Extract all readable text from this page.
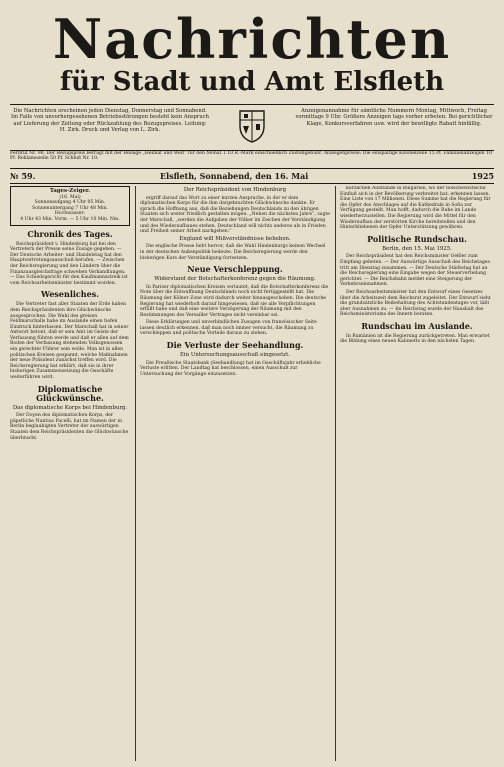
Nachrichten
für Stadt und Amt Elsfleth
Die Nachrichten erscheinen jeden Dienstag, Donnerstag und Sonnabend. Im Falle von unvorhergesehenen Betriebsstörungen besteht kein Anspruch auf Lieferung der Zeitung oder Rückzahlung des Bezugspreises. Leitung: H. Zirk. Druck und Verlag von L. Zirk.
Anzeigenannahme für sämtliche Nummern Montag, Mittwoch, Freitag vormittags 9 Uhr. Größere Anzeigen tags vorher erbeten. Bei gerichtlicher Klage, Konkursverfahren usw. wird der bewilligte Rabatt hinfällig.
Fernruf Nr. 90. Der Bezugspreis beträgt mit der Beilage „Heimat und Welt“ für den Monat 1.10 R.-Mark einschließlich Zustellgebühr. Anzeigenpreise: Die einspaltige Kolonelzeile 15 Pf. Familienanzeigen 10 Pf. Reklamezeile 50 Pf. Schluß Nr. 10.
№ 59.	Elsfleth, Sonnabend, den 16. Mai	1925
Tages-Zeiger.
(16. Mai)
Sonnenaufgang 4 Uhr 05 Min.
Sonnenuntergang 7 Uhr 48 Min.
Hochwasser:
4 Uhr 43 Min. Vorm. — 5 Uhr 10 Min. Nm.
Chronik des Tages.

Reichspräsident v. Hindenburg hat bei den Vertretern der Presse seine Zusage gegeben. — Der Deutsche Arbeiter- und Handelstag hat den Hauptvertretungsausschuß berufen. — Zwischen der Reichsregierung und den Ländern über die Finanzausgleichsfrage schweben Verhandlungen. — Das Schiedsgericht für den Kaufmannsstreik ist vom Reichsarbeitsminister bestimmt worden.

Wesenliches.

Die Vertreter fast aller Staaten der Erde haben dem Reichspräsidenten ihre Glückwünsche ausgesprochen. Die Wahl des greisen Feldmarschalls habe im Auslande einen tiefen Eindruck hinterlassen. Der Marschall hat in seiner Antwort betont, daß er sein Amt im Geiste der Verfassung führen werde und daß er allen auf dem Boden der Verfassung stehenden Volksgenossen ein gerechter Führer sein wolle. Man ist in allen politischen Kreisen gespannt, welche Maßnahmen der neue Präsident zunächst treffen wird. Die Reichsregierung hat erklärt, daß sie in ihrer bisherigen Zusammensetzung die Geschäfte weiterführen wird.

Diplomatische Glückwünsche.
Das diplomatische Korps bei Hindenburg.

Der Doyen des diplomatischen Korps, der päpstliche Nuntius Pacelli, hat im Namen der in Berlin beglaubigten Vertreter der auswärtigen Staaten dem Reichspräsidenten die Glückwünsche überbracht.

Der Reichspräsident von Hindenburg

ergriff darauf das Wort zu einer kurzen Ansprache, in der er dem diplomatischen Korps für die ihm dargebrachten Glückwünsche dankte. Er sprach die Hoffnung aus, daß die Beziehungen Deutschlands zu den übrigen Staaten sich weiter friedlich gestalten mögen. „Neben die nächsten Jahre“, sagte der Marschall, „werden die Aufgaben der Völker im Zeichen der Verständigung und des Wiederaufbaues stehen. Deutschland will nichts anderes als in Frieden und Freiheit seiner Arbeit nachgehen.“

England will Mißverständnisse beheben.

Die englische Presse hebt hervor, daß die Wahl Hindenburgs keinen Wechsel in der deutschen Außenpolitik bedeute. Die Reichsregierung werde den bisherigen Kurs der Verständigung fortsetzen.

Neue Verschleppung.
Widerstand der Botschafterkonferenz gegen die Räumung.

In Pariser diplomatischen Kreisen verlautet, daß die Botschafterkonferenz die Note über die Entwaffnung Deutschlands noch nicht fertiggestellt hat. Die Räumung der Kölner Zone wird dadurch weiter hinausgeschoben. Die deutsche Regierung hat wiederholt darauf hingewiesen, daß sie alle Verpflichtungen erfüllt habe und daß eine weitere Verzögerung der Räumung mit den Bestimmungen des Versailler Vertrages nicht vereinbar sei.

Diese Erklärungen und unverbindlichen Zusagen von französischer Seite lassen deutlich erkennen, daß man noch immer versucht, die Räumung zu verschleppen und politische Vorteile daraus zu ziehen.

Die Verluste der Seehandlung.
Ein Untersuchungsausschuß eingesetzt.

Die Preußische Staatsbank (Seehandlung) hat im Geschäftsjahr erhebliche Verluste erlitten. Der Landtag hat beschlossen, einen Ausschuß zur Untersuchung der Vorgänge einzusetzen.

kürzlichen Aufstände in Bulgarien, wo der bolschewistische Einfluß sich in der Bevölkerung verbreitet hat, erkennen lassen. Eine Liste von 17 Millionen. Diese Summe hat die Regierung für die Opfer des Anschlages auf die Kathedrale in Sofia zur Verfügung gestellt. Man hofft, dadurch die Ruhe im Lande wiederherzustellen. Die Regierung wird die Mittel für den Wiederaufbau der zerstörten Kirche bereitstellen und den Hinterbliebenen der Opfer Unterstützung gewähren.

Politische Rundschau.
Berlin, den 15. Mai 1925.

Der Reichspräsident hat den Reichsminister Geßler zum Empfang gebeten. — Der Auswärtige Ausschuß des Reichstages tritt am Dienstag zusammen. — Der Deutsche Städtetag hat an die Reichsregierung eine Eingabe wegen der Steuerverteilung gerichtet. — Die Reichsbahn meldet eine Steigerung der Verkehrseinnahmen.

Der Reichsarbeitsminister hat den Entwurf eines Gesetzes über die Arbeitszeit dem Reichsrat zugeleitet. Der Entwurf sieht die grundsätzliche Beibehaltung des Achtstundentages vor, läßt aber Ausnahmen zu. — Im Reichstag wurde der Haushalt des Reichsministeriums des Innern beraten.

Rundschau im Auslande.

In Rumänien ist die Regierung zurückgetreten. Man erwartet die Bildung eines neuen Kabinetts in den nächsten Tagen.
